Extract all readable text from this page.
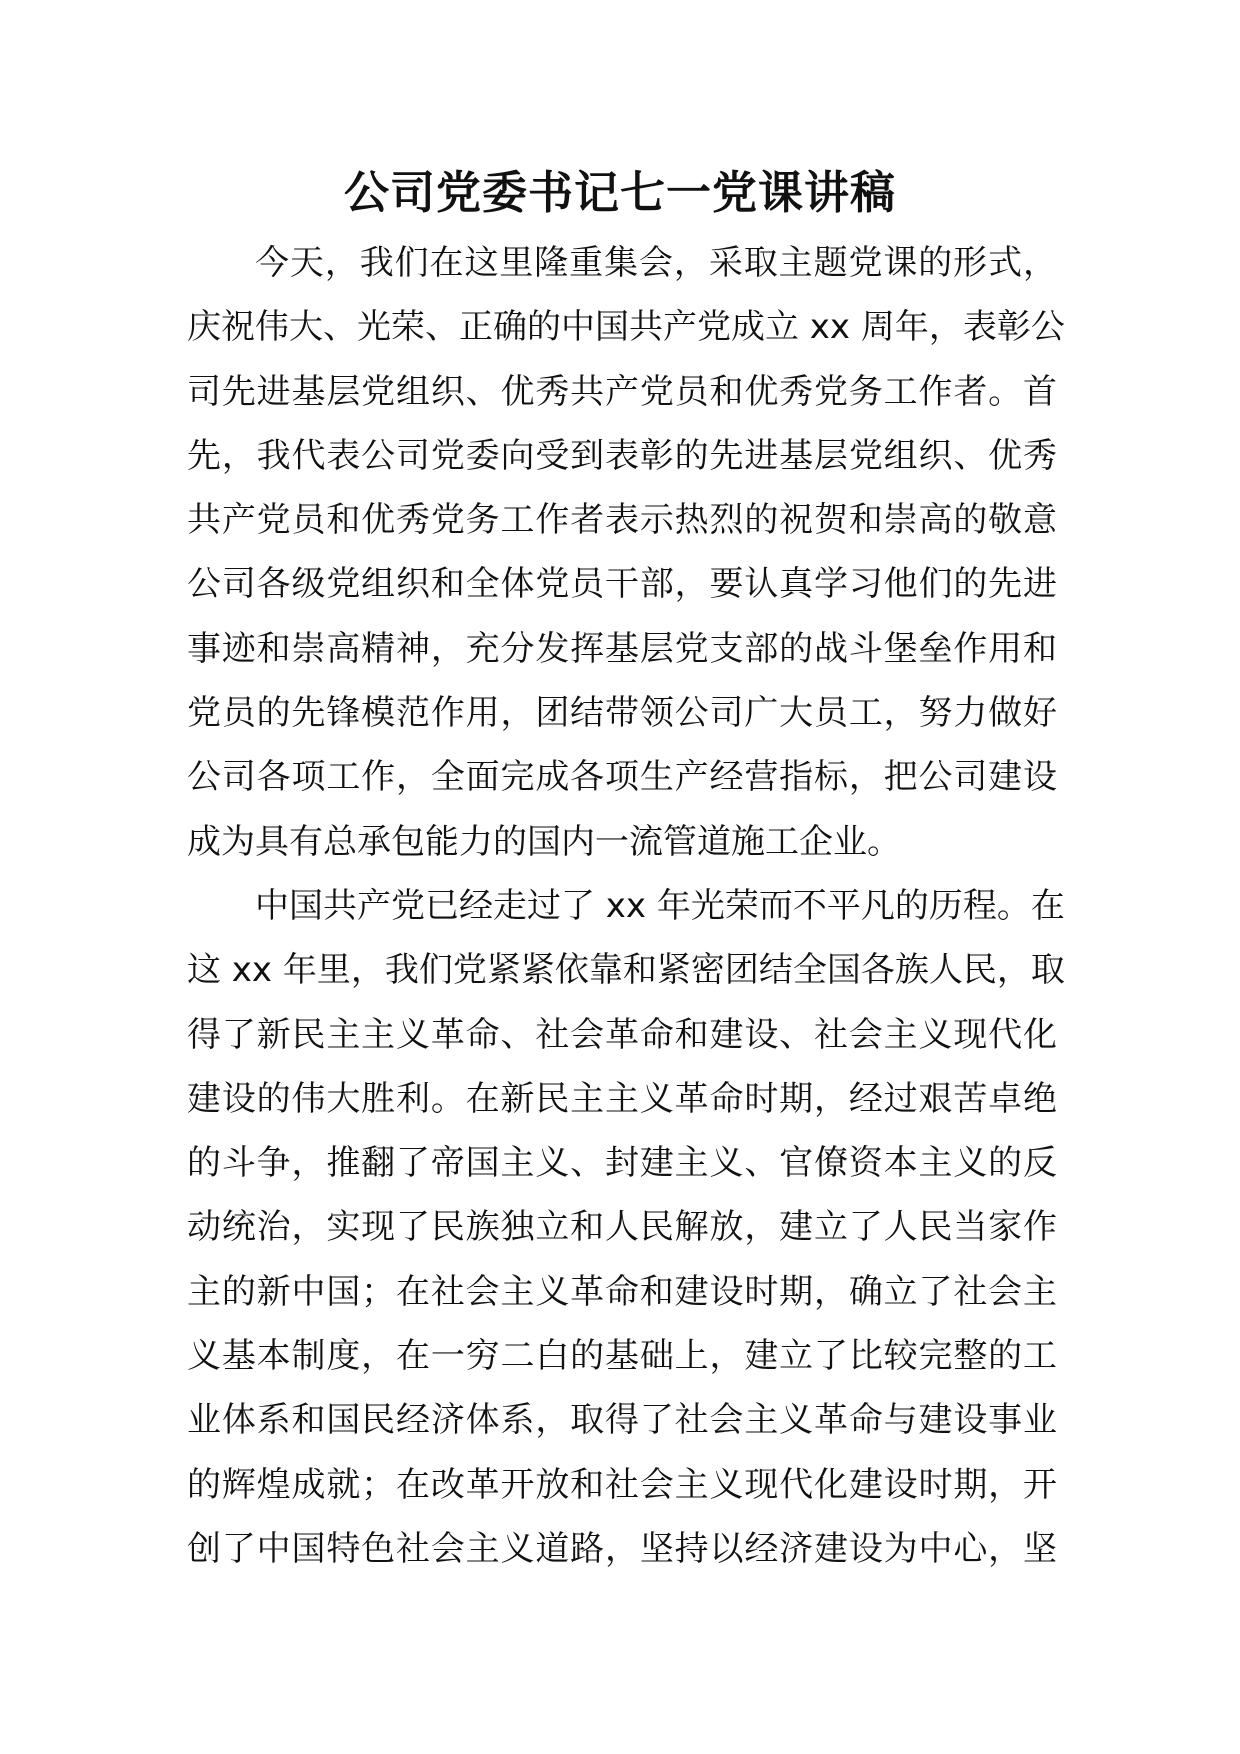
公司党委书记七一党课讲稿
今天，我们在这里隆重集会，采取主题党课的形式，
庆祝伟大、光荣、正确的中国共产党成立 xx 周年，表彰公
司先进基层党组织、优秀共产党员和优秀党务工作者。首
先，我代表公司党委向受到表彰的先进基层党组织、优秀
共产党员和优秀党务工作者表示热烈的祝贺和崇高的敬意
公司各级党组织和全体党员干部，要认真学习他们的先进
事迹和崇高精神，充分发挥基层党支部的战斗堡垒作用和
党员的先锋模范作用，团结带领公司广大员工，努力做好
公司各项工作，全面完成各项生产经营指标，把公司建设
成为具有总承包能力的国内一流管道施工企业。
中国共产党已经走过了 xx 年光荣而不平凡的历程。在
这 xx 年里，我们党紧紧依靠和紧密团结全国各族人民，取
得了新民主主义革命、社会革命和建设、社会主义现代化
建设的伟大胜利。在新民主主义革命时期，经过艰苦卓绝
的斗争，推翻了帝国主义、封建主义、官僚资本主义的反
动统治，实现了民族独立和人民解放，建立了人民当家作
主的新中国；在社会主义革命和建设时期，确立了社会主
义基本制度，在一穷二白的基础上，建立了比较完整的工
业体系和国民经济体系，取得了社会主义革命与建设事业
的辉煌成就；在改革开放和社会主义现代化建设时期，开
创了中国特色社会主义道路，坚持以经济建设为中心，坚
